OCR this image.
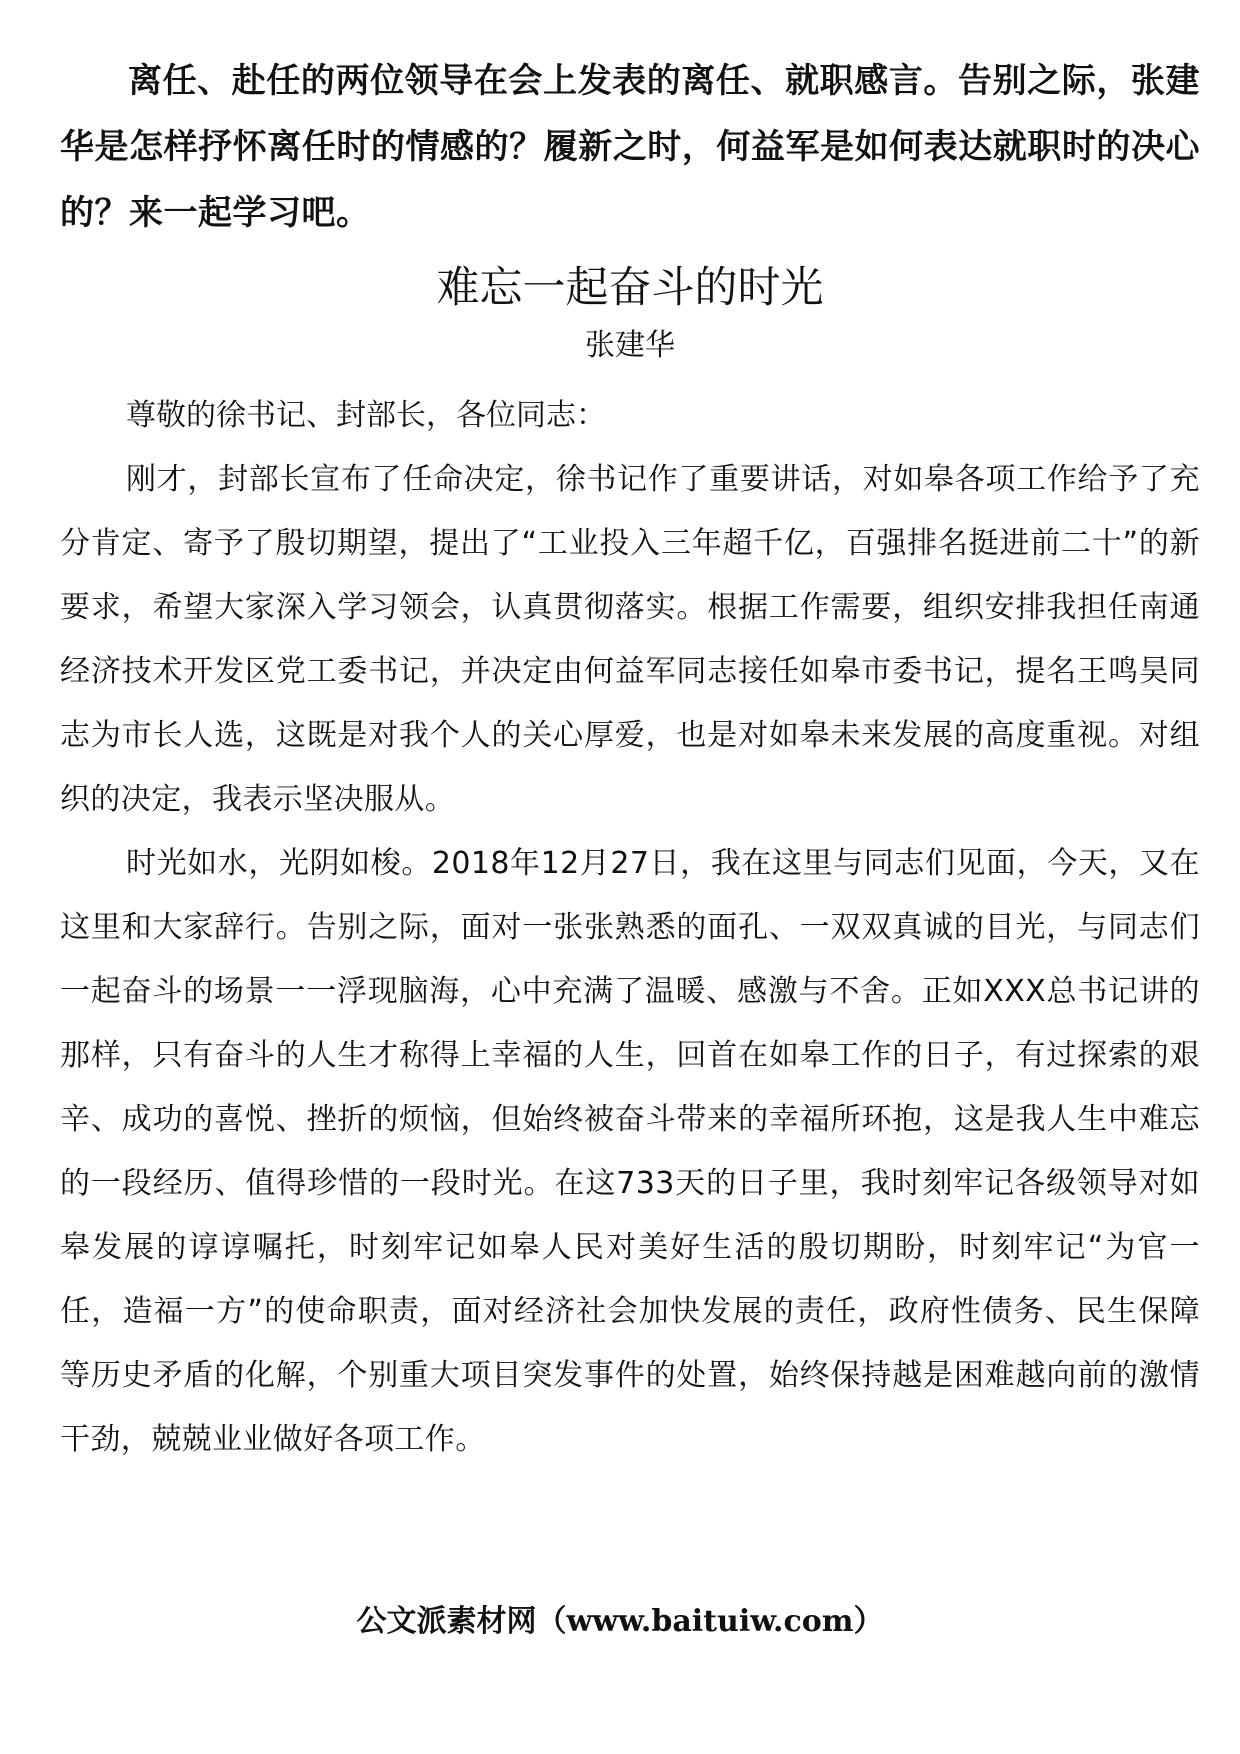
离任、赴任的两位领导在会上发表的离任、就职感言。告别之际，张建华是怎样抒怀离任时的情感的？履新之时，何益军是如何表达就职时的决心的？来一起学习吧。

难忘一起奋斗的时光
张建华

尊敬的徐书记、封部长，各位同志：

刚才，封部长宣布了任命决定，徐书记作了重要讲话，对如皋各项工作给予了充分肯定、寄予了殷切期望，提出了“工业投入三年超千亿，百强排名挺进前二十”的新要求，希望大家深入学习领会，认真贯彻落实。根据工作需要，组织安排我担任南通经济技术开发区党工委书记，并决定由何益军同志接任如皋市委书记，提名王鸣昊同志为市长人选，这既是对我个人的关心厚爱，也是对如皋未来发展的高度重视。对组织的决定，我表示坚决服从。

时光如水，光阴如梭。2018年12月27日，我在这里与同志们见面，今天，又在这里和大家辞行。告别之际，面对一张张熟悉的面孔、一双双真诚的目光，与同志们一起奋斗的场景一一浮现脑海，心中充满了温暖、感激与不舍。正如XXX总书记讲的那样，只有奋斗的人生才称得上幸福的人生，回首在如皋工作的日子，有过探索的艰辛、成功的喜悦、挫折的烦恼，但始终被奋斗带来的幸福所环抱，这是我人生中难忘的一段经历、值得珍惜的一段时光。在这733天的日子里，我时刻牢记各级领导对如皋发展的谆谆嘱托，时刻牢记如皋人民对美好生活的殷切期盼，时刻牢记“为官一任，造福一方”的使命职责，面对经济社会加快发展的责任，政府性债务、民生保障等历史矛盾的化解，个别重大项目突发事件的处置，始终保持越是困难越向前的激情干劲，兢兢业业做好各项工作。

公文派素材网（www.baituiw.com）
